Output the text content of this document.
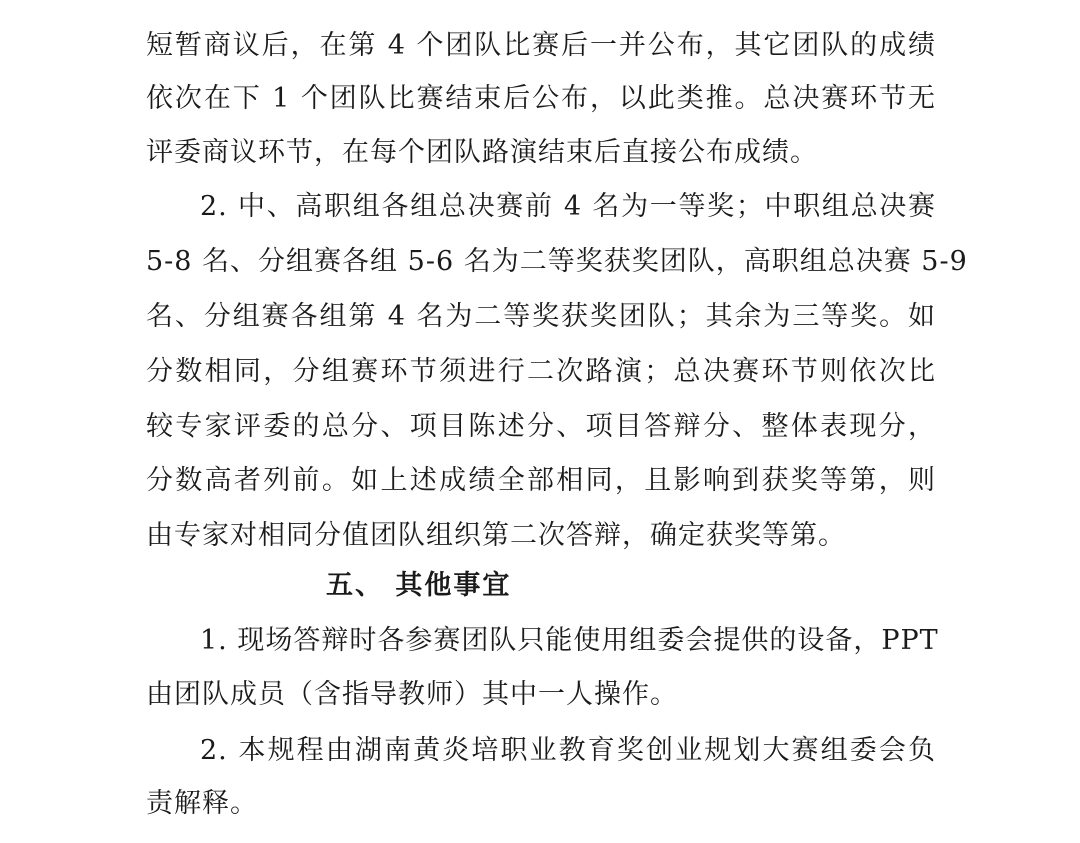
短暂商议后，在第 4 个团队比赛后一并公布，其它团队的成绩
依次在下 1 个团队比赛结束后公布，以此类推。总决赛环节无
评委商议环节，在每个团队路演结束后直接公布成绩。
2. 中、高职组各组总决赛前 4 名为一等奖；中职组总决赛
5-8 名、分组赛各组 5-6 名为二等奖获奖团队，高职组总决赛 5-9
名、分组赛各组第 4 名为二等奖获奖团队；其余为三等奖。如
分数相同，分组赛环节须进行二次路演；总决赛环节则依次比
较专家评委的总分、项目陈述分、项目答辩分、整体表现分，
分数高者列前。如上述成绩全部相同，且影响到获奖等第，则
由专家对相同分值团队组织第二次答辩，确定获奖等第。
五、 其他事宜
1. 现场答辩时各参赛团队只能使用组委会提供的设备，PPT
由团队成员（含指导教师）其中一人操作。
2. 本规程由湖南黄炎培职业教育奖创业规划大赛组委会负
责解释。
